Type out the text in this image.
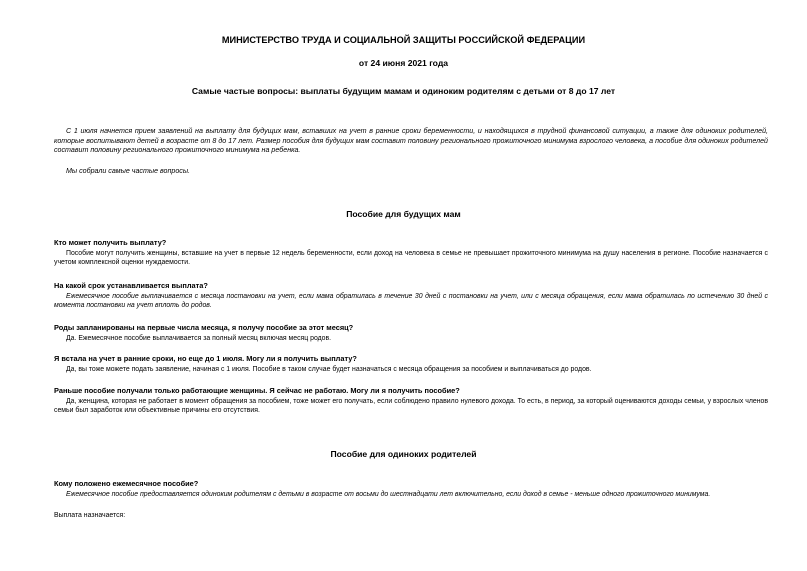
МИНИСТЕРСТВО ТРУДА И СОЦИАЛЬНОЙ ЗАЩИТЫ РОССИЙСКОЙ ФЕДЕРАЦИИ
от 24 июня 2021 года
Самые частые вопросы: выплаты будущим мамам и одиноким родителям с детьми от 8 до 17 лет
С 1 июля начнется прием заявлений на выплату для будущих мам, вставших на учет в ранние сроки беременности, и находящихся в трудной финансовой ситуации, а также для одиноких родителей, которые воспитывают детей в возрасте от 8 до 17 лет. Размер пособия для будущих мам составит половину регионального прожиточного минимума взрослого человека, а пособие для одиноких родителей составит половину регионального прожиточного минимума на ребенка.
Мы собрали самые частые вопросы.
Пособие для будущих мам
Кто может получить выплату?
Пособие могут получить женщины, вставшие на учет в первые 12 недель беременности, если доход на человека в семье не превышает прожиточного минимума на душу населения в регионе. Пособие назначается с учетом комплексной оценки нуждаемости.
На какой срок устанавливается выплата?
Ежемесячное пособие выплачивается с месяца постановки на учет, если мама обратилась в течение 30 дней с постановки на учет, или с месяца обращения, если мама обратилась по истечению 30 дней с момента постановки на учет вплоть до родов.
Роды запланированы на первые числа месяца, я получу пособие за этот месяц?
Да. Ежемесячное пособие выплачивается за полный месяц включая месяц родов.
Я встала на учет в ранние сроки, но еще до 1 июля. Могу ли я получить выплату?
Да, вы тоже можете подать заявление, начиная с 1 июля. Пособие в таком случае будет назначаться с месяца обращения за пособием и выплачиваться до родов.
Раньше пособие получали только работающие женщины. Я сейчас не работаю. Могу ли я получить пособие?
Да, женщина, которая не работает в момент обращения за пособием, тоже может его получать, если соблюдено правило нулевого дохода. То есть, в период, за который оцениваются доходы семьи, у взрослых членов семьи был заработок или объективные причины его отсутствия.
Пособие для одиноких родителей
Кому положено ежемесячное пособие?
Ежемесячное пособие предоставляется одиноким родителям с детьми в возрасте от восьми до шестнадцати лет включительно, если доход в семье - меньше одного прожиточного минимума.
Выплата назначается:
